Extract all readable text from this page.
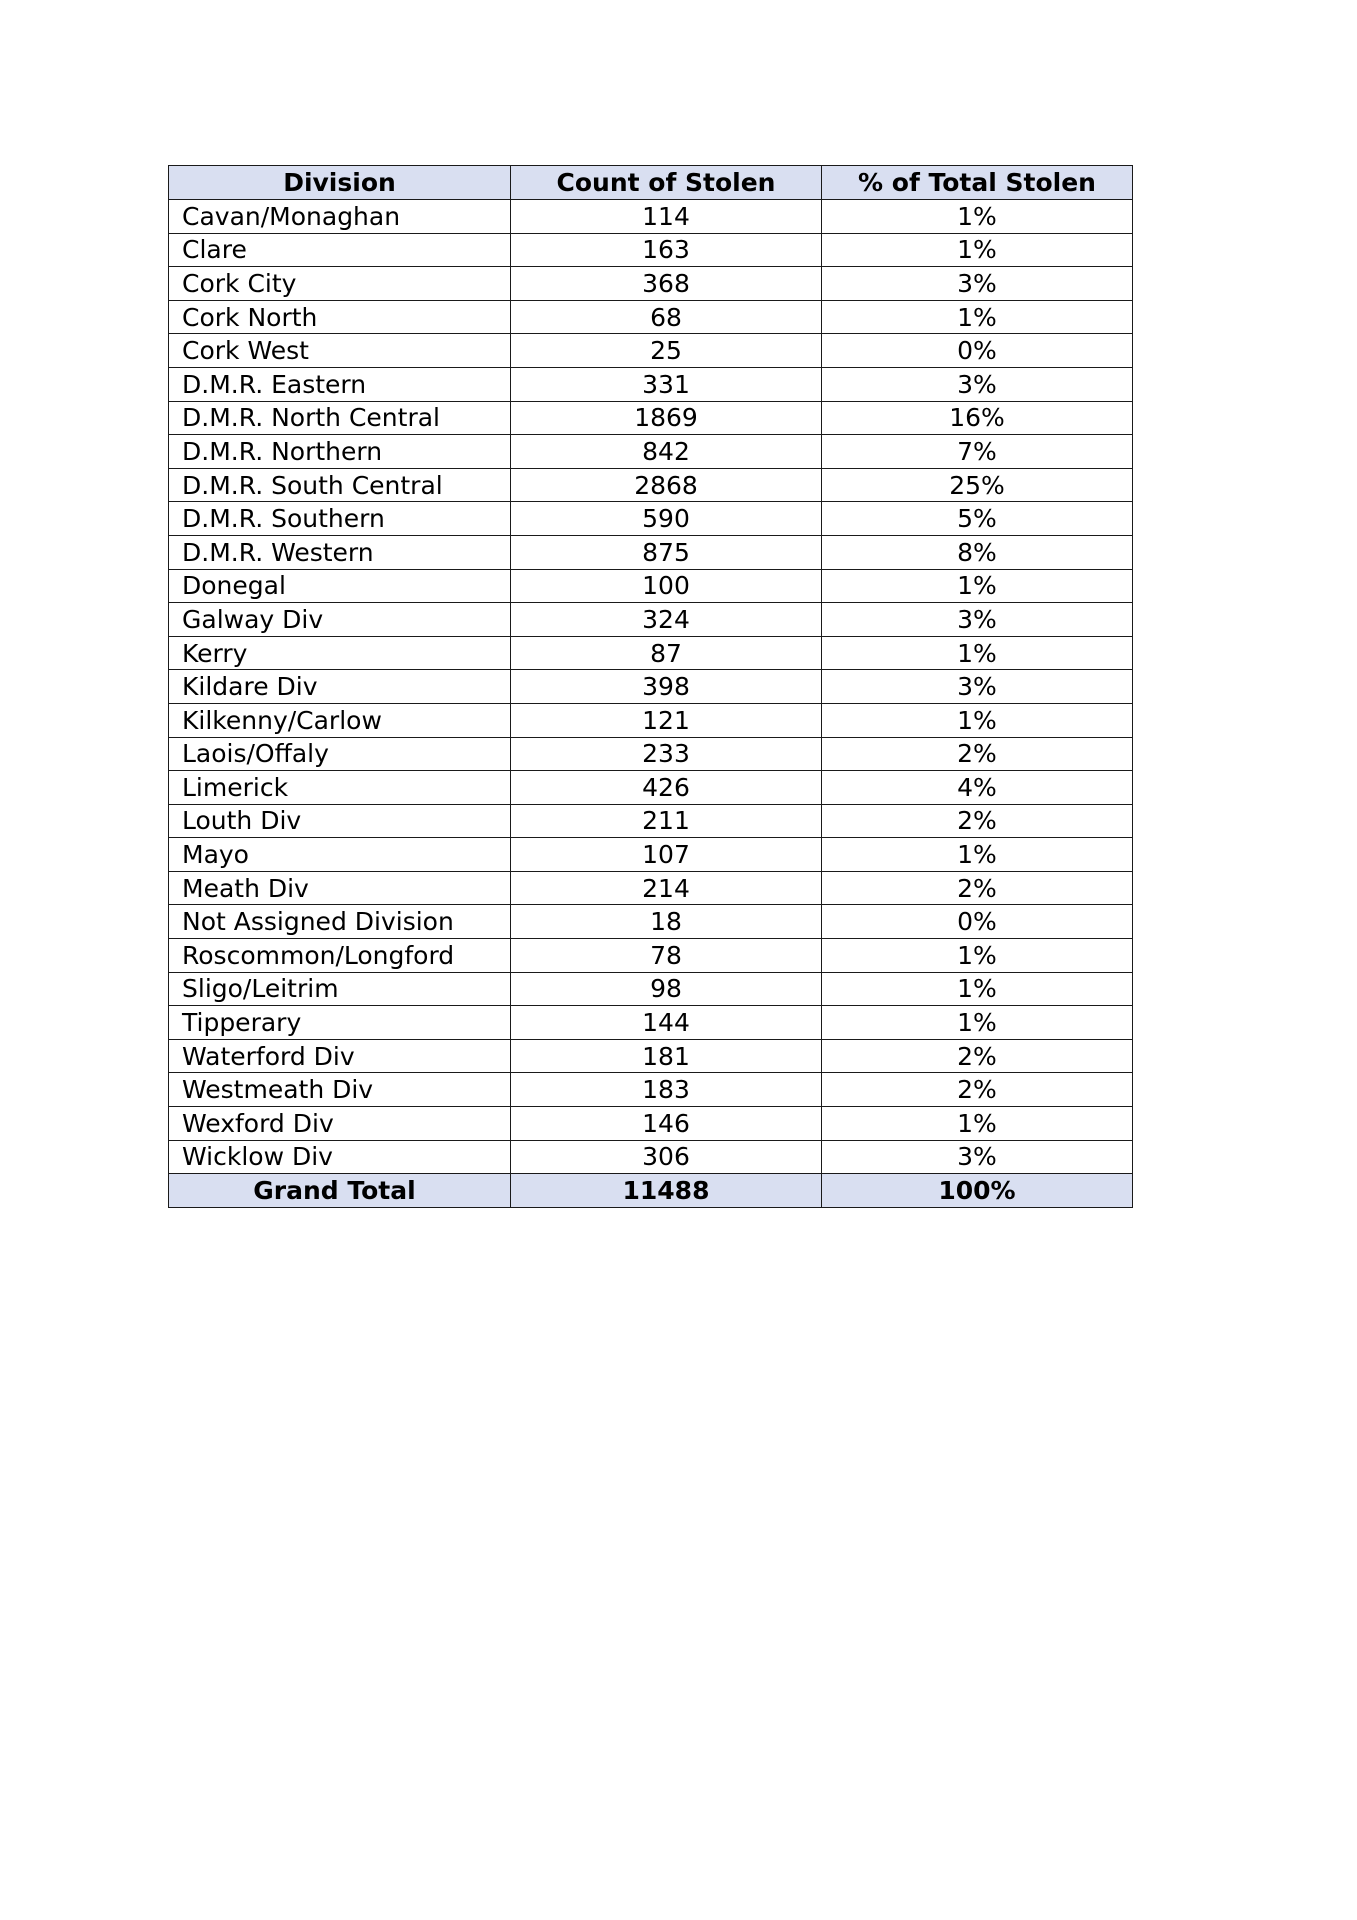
Division	Count of Stolen	% of Total Stolen
Cavan/Monaghan	114	1%
Clare	163	1%
Cork City	368	3%
Cork North	68	1%
Cork West	25	0%
D.M.R. Eastern	331	3%
D.M.R. North Central	1869	16%
D.M.R. Northern	842	7%
D.M.R. South Central	2868	25%
D.M.R. Southern	590	5%
D.M.R. Western	875	8%
Donegal	100	1%
Galway Div	324	3%
Kerry	87	1%
Kildare Div	398	3%
Kilkenny/Carlow	121	1%
Laois/Offaly	233	2%
Limerick	426	4%
Louth Div	211	2%
Mayo	107	1%
Meath Div	214	2%
Not Assigned Division	18	0%
Roscommon/Longford	78	1%
Sligo/Leitrim	98	1%
Tipperary	144	1%
Waterford Div	181	2%
Westmeath Div	183	2%
Wexford Div	146	1%
Wicklow Div	306	3%
Grand Total	11488	100%
